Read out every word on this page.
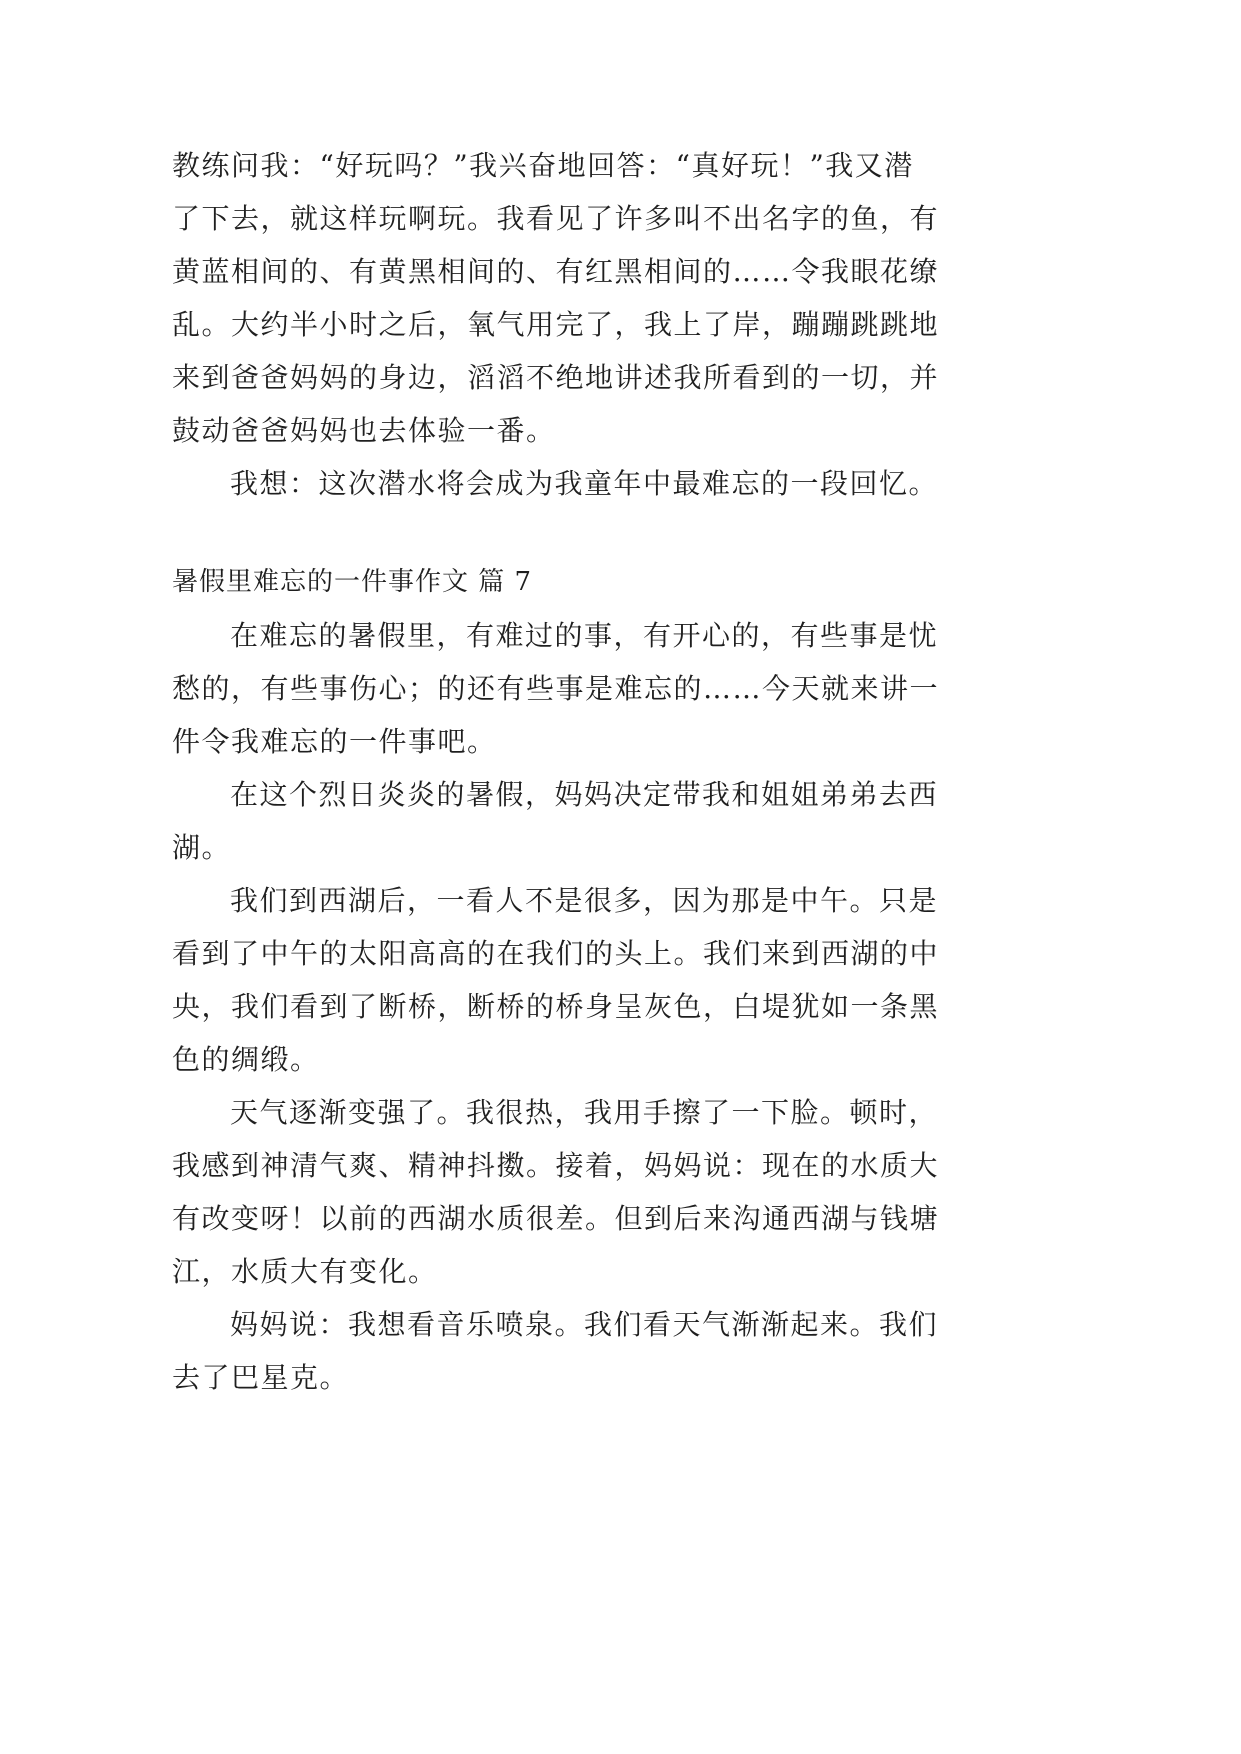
教练问我：“好玩吗？”我兴奋地回答：“真好玩！”我又潜
了下去，就这样玩啊玩。我看见了许多叫不出名字的鱼，有
黄蓝相间的、有黄黑相间的、有红黑相间的……令我眼花缭
乱。大约半小时之后，氧气用完了，我上了岸，蹦蹦跳跳地
来到爸爸妈妈的身边，滔滔不绝地讲述我所看到的一切，并
鼓动爸爸妈妈也去体验一番。
我想：这次潜水将会成为我童年中最难忘的一段回忆。
暑假里难忘的一件事作文 篇 7
在难忘的暑假里，有难过的事，有开心的，有些事是忧
愁的，有些事伤心；的还有些事是难忘的……今天就来讲一
件令我难忘的一件事吧。
在这个烈日炎炎的暑假，妈妈决定带我和姐姐弟弟去西
湖。
我们到西湖后，一看人不是很多，因为那是中午。只是
看到了中午的太阳高高的在我们的头上。我们来到西湖的中
央，我们看到了断桥，断桥的桥身呈灰色，白堤犹如一条黑
色的绸缎。
天气逐渐变强了。我很热，我用手擦了一下脸。顿时，
我感到神清气爽、精神抖擞。接着，妈妈说：现在的水质大
有改变呀！以前的西湖水质很差。但到后来沟通西湖与钱塘
江，水质大有变化。
妈妈说：我想看音乐喷泉。我们看天气渐渐起来。我们
去了巴星克。
